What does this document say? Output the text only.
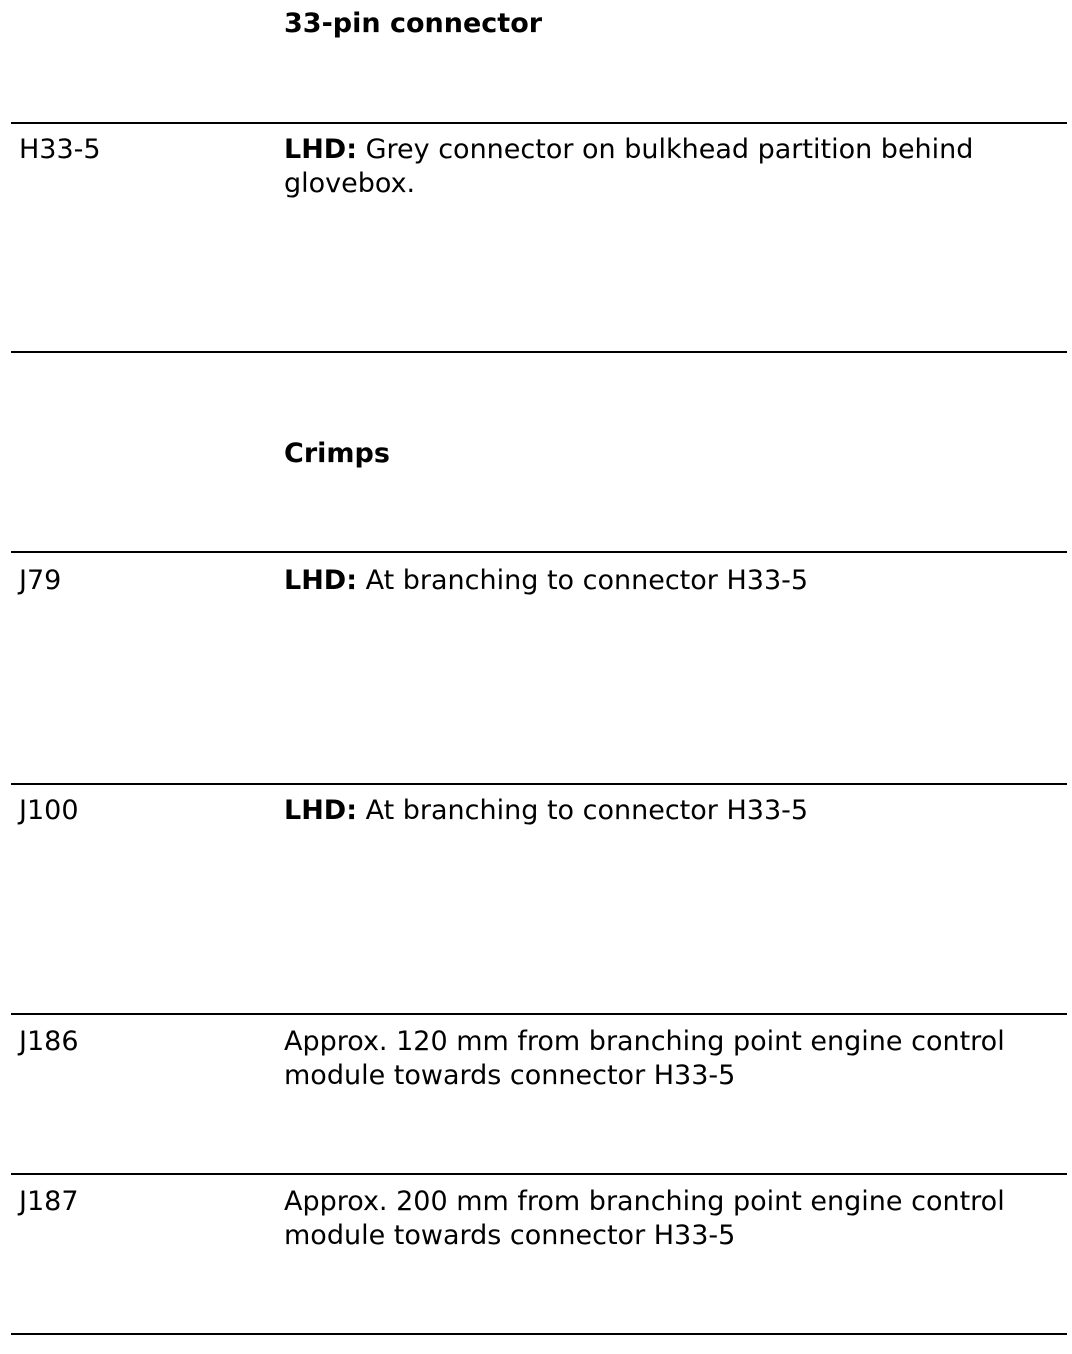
33-pin connector
H33-5	LHD: Grey connector on bulkhead partition behind glovebox.
Crimps
J79	LHD: At branching to connector H33-5
J100	LHD: At branching to connector H33-5
J186	Approx. 120 mm from branching point engine control module towards connector H33-5
J187	Approx. 200 mm from branching point engine control module towards connector H33-5
